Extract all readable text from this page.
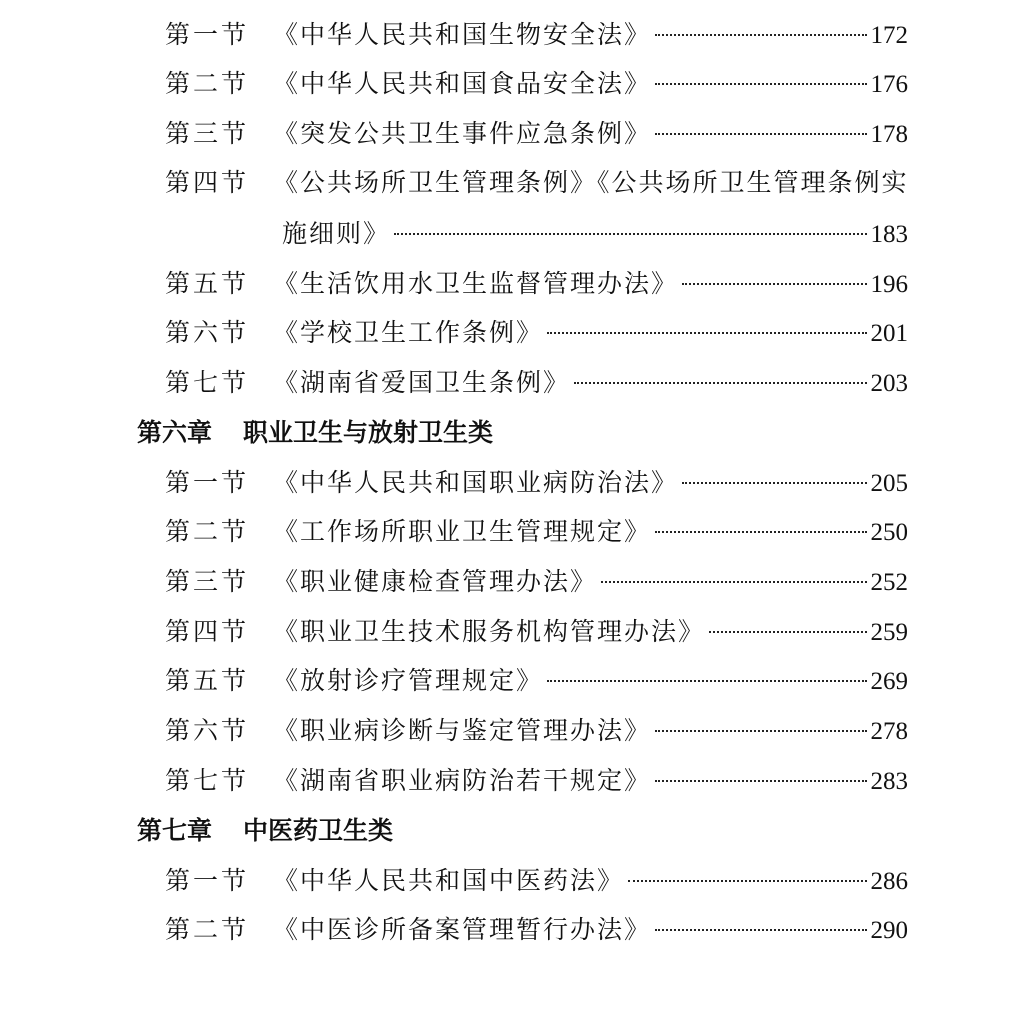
第一节 《中华人民共和国生物安全法》	172
第二节 《中华人民共和国食品安全法》	176
第三节 《突发公共卫生事件应急条例》	178
第四节 《公共场所卫生管理条例》《公共场所卫生管理条例实
施细则》	183
第五节 《生活饮用水卫生监督管理办法》	196
第六节 《学校卫生工作条例》	201
第七节 《湖南省爱国卫生条例》	203
第六章 职业卫生与放射卫生类
第一节 《中华人民共和国职业病防治法》	205
第二节 《工作场所职业卫生管理规定》	250
第三节 《职业健康检查管理办法》	252
第四节 《职业卫生技术服务机构管理办法》	259
第五节 《放射诊疗管理规定》	269
第六节 《职业病诊断与鉴定管理办法》	278
第七节 《湖南省职业病防治若干规定》	283
第七章 中医药卫生类
第一节 《中华人民共和国中医药法》	286
第二节 《中医诊所备案管理暂行办法》	290
